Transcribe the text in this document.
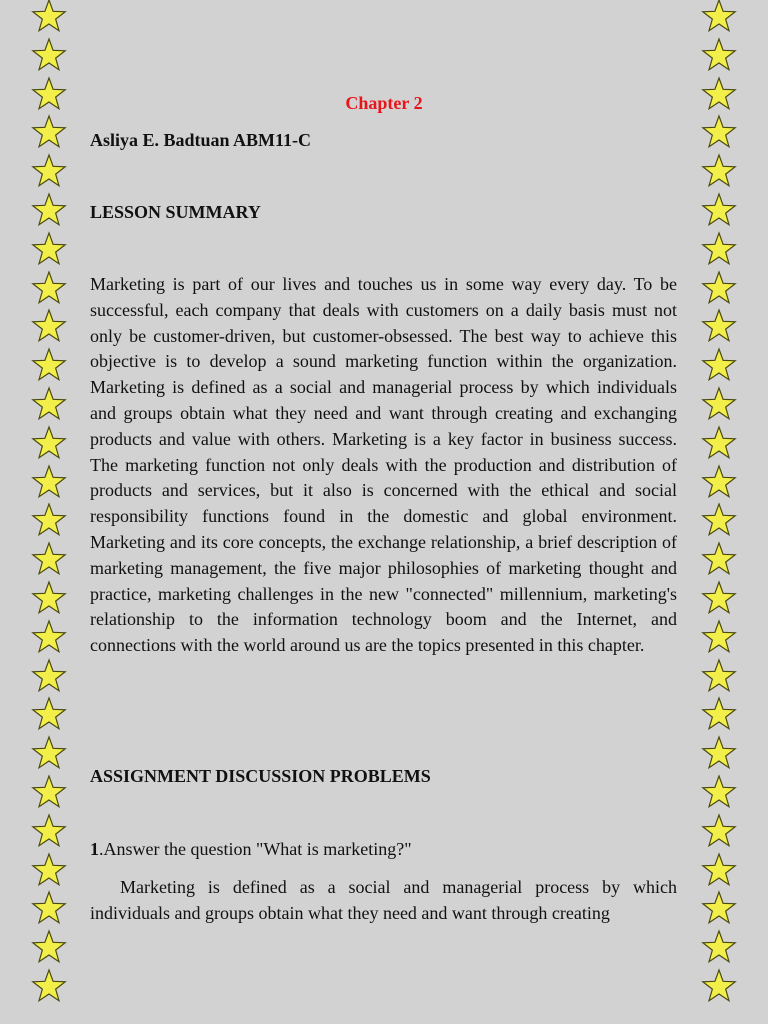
Chapter 2
Asliya E. Badtuan ABM11-C
LESSON SUMMARY

Marketing is part of our lives and touches us in some way every day. To be successful, each company that deals with customers on a daily basis must not only be customer-driven, but customer-obsessed. The best way to achieve this objective is to develop a sound marketing function within the organization. Marketing is defined as a social and managerial process by which individuals and groups obtain what they need and want through creating and exchanging products and value with others. Marketing is a key factor in business success. The marketing function not only deals with the production and distribution of products and services, but it also is concerned with the ethical and social responsibility functions found in the domestic and global environment. Marketing and its core concepts, the exchange relationship, a brief description of marketing management, the five major philosophies of marketing thought and practice, marketing challenges in the new "connected" millennium, marketing's relationship to the information technology boom and the Internet, and connections with the world around us are the topics presented in this chapter.

ASSIGNMENT DISCUSSION PROBLEMS
1.Answer the question "What is marketing?"

Marketing is defined as a social and managerial process by which individuals and groups obtain what they need and want through creating
